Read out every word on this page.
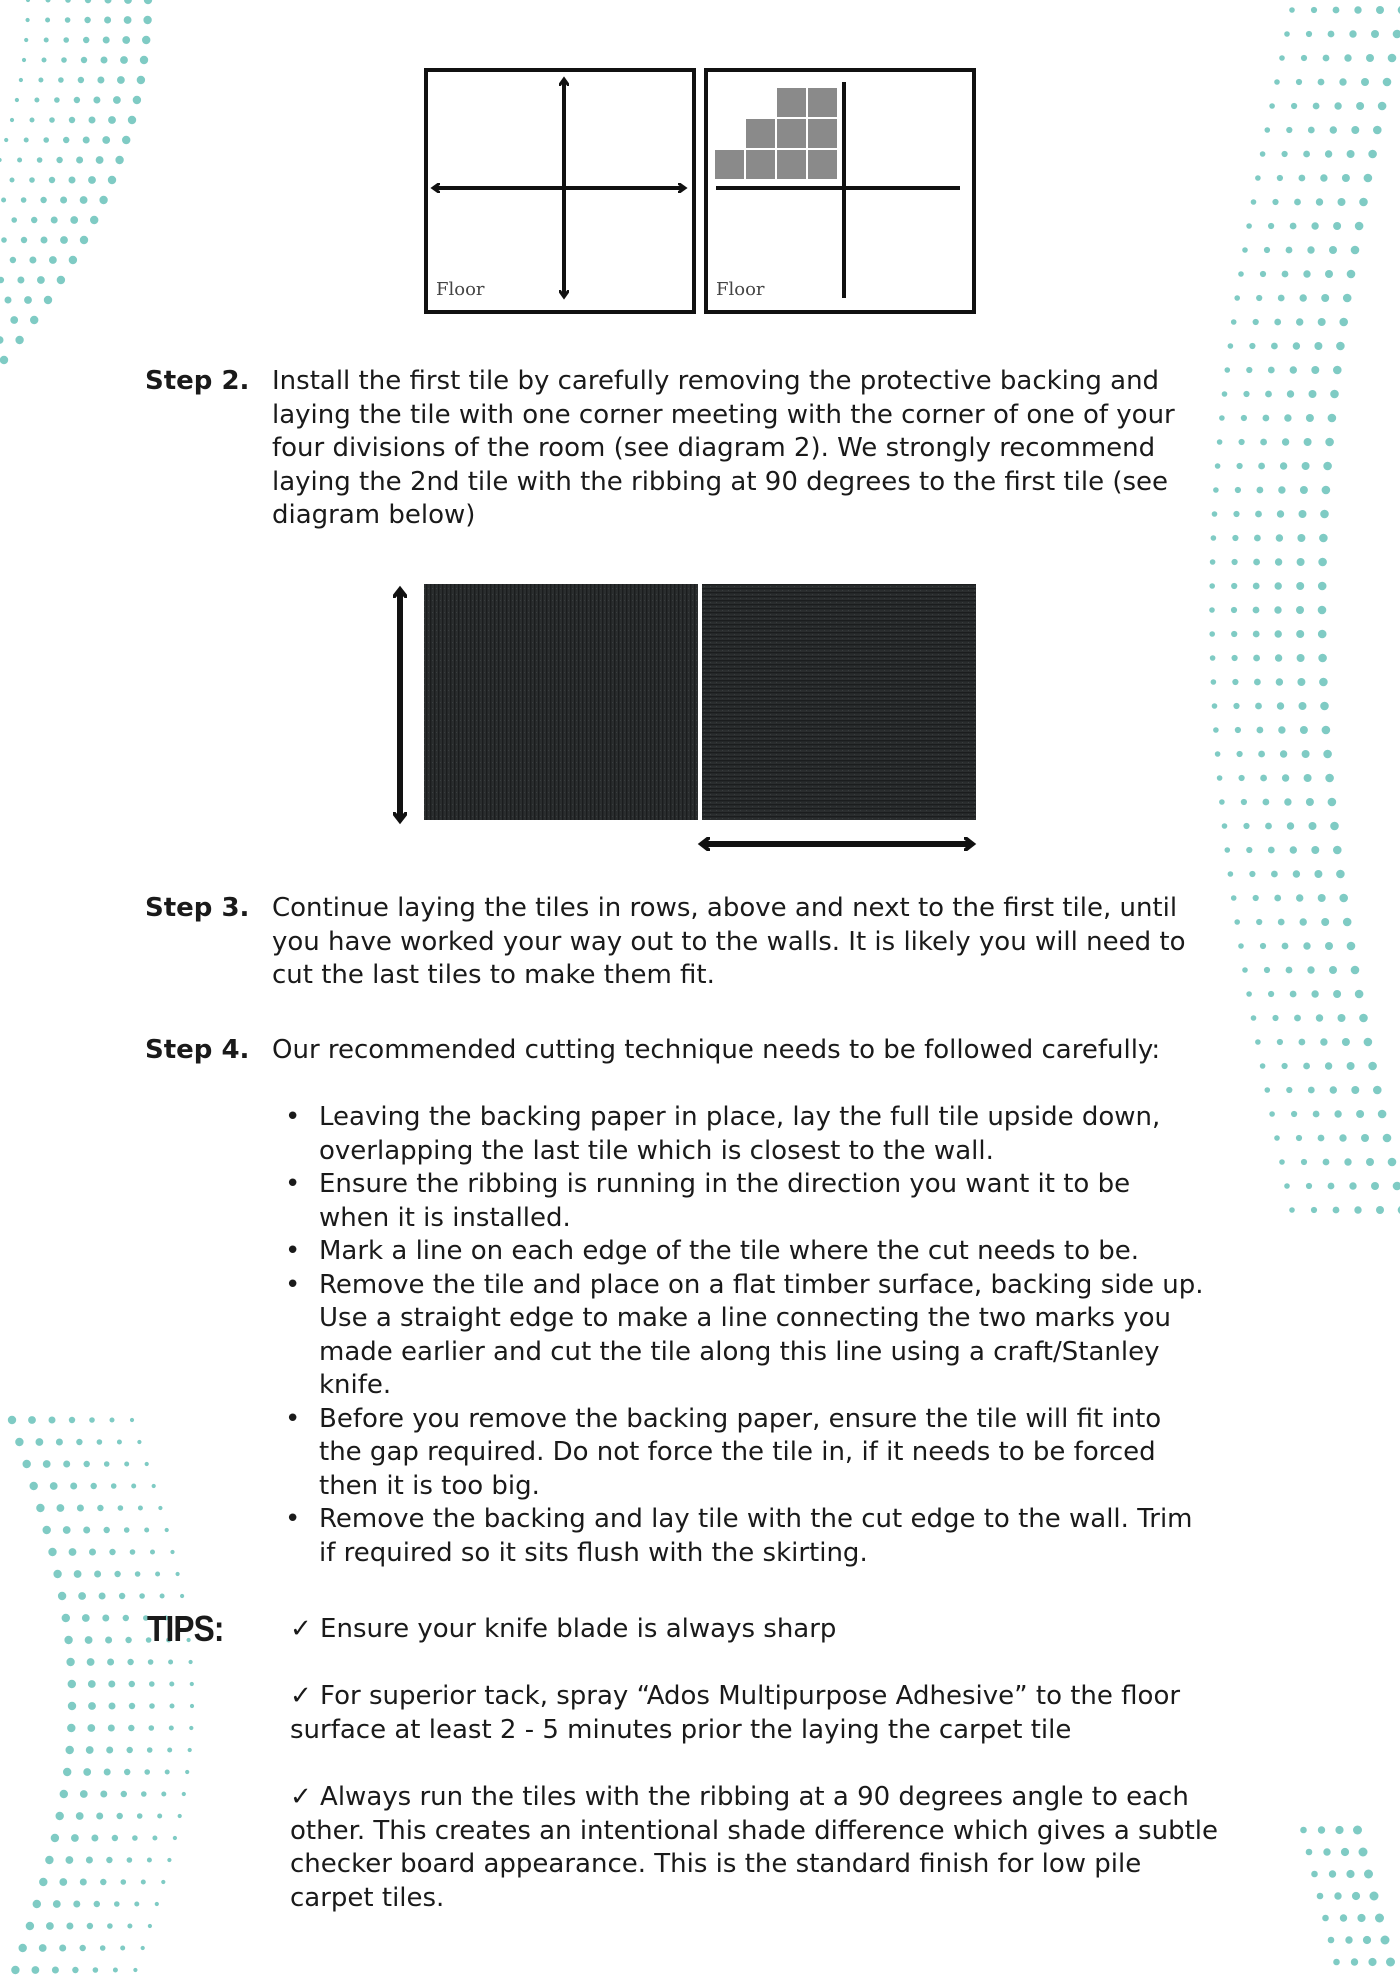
Floor	Floor
Step 2. Install the first tile by carefully removing the protective backing and

laying the tile with one corner meeting with the corner of one of your

four divisions of the room (see diagram 2). We strongly recommend

laying the 2nd tile with the ribbing at 90 degrees to the first tile (see

diagram below)

Step 3. Continue laying the tiles in rows, above and next to the first tile, until

you have worked your way out to the walls. It is likely you will need to

cut the last tiles to make them fit.

Step 4. Our recommended cutting technique needs to be followed carefully:

• Leaving the backing paper in place, lay the full tile upside down,
overlapping the last tile which is closest to the wall.
• Ensure the ribbing is running in the direction you want it to be
when it is installed.
• Mark a line on each edge of the tile where the cut needs to be.
• Remove the tile and place on a flat timber surface, backing side up.
Use a straight edge to make a line connecting the two marks you
made earlier and cut the tile along this line using a craft/Stanley
knife.
• Before you remove the backing paper, ensure the tile will fit into
the gap required. Do not force the tile in, if it needs to be forced
then it is too big.
• Remove the backing and lay tile with the cut edge to the wall. Trim
if required so it sits flush with the skirting.
TIPS:	✓ Ensure your knife blade is always sharp

✓ For superior tack, spray “Ados Multipurpose Adhesive” to the floor

surface at least 2 - 5 minutes prior the laying the carpet tile

✓ Always run the tiles with the ribbing at a 90 degrees angle to each

other. This creates an intentional shade difference which gives a subtle

checker board appearance. This is the standard finish for low pile

carpet tiles.
